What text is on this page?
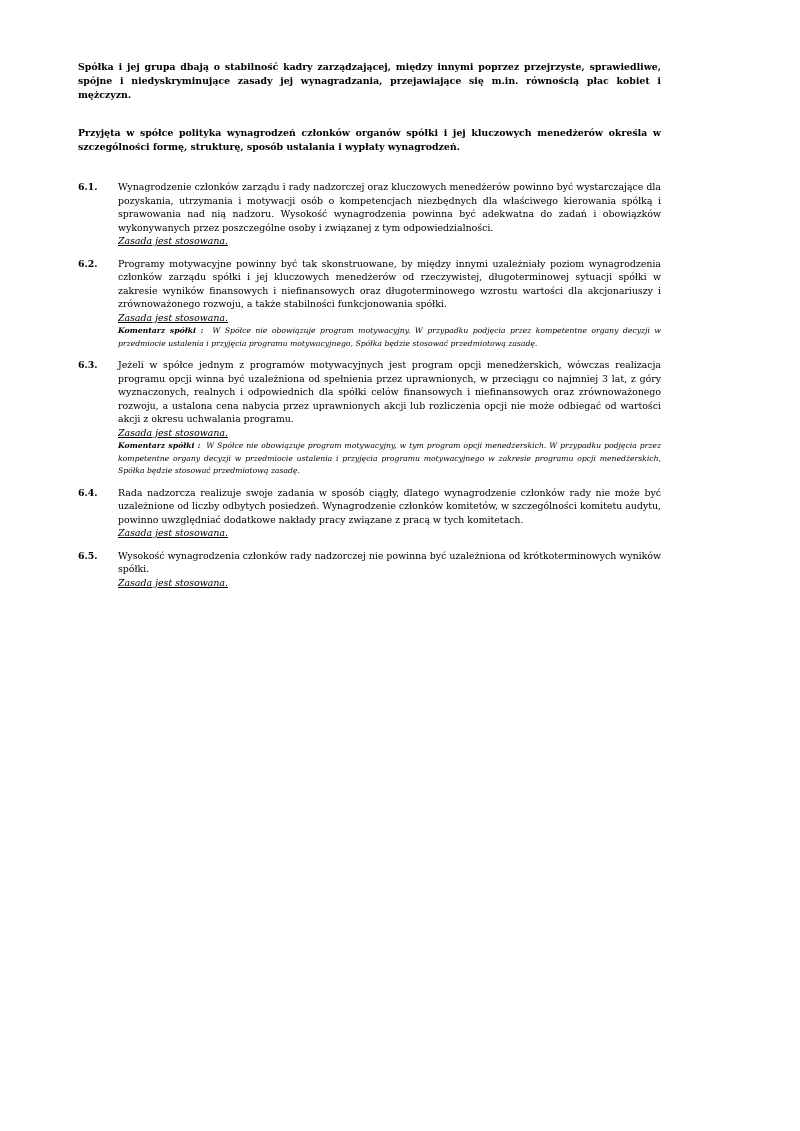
Spółka i jej grupa dbają o stabilność kadry zarządzającej, między innymi poprzez przejrzyste, sprawiedliwe, spójne i niedyskryminujące zasady jej wynagradzania, przejawiające się m.in. równością płac kobiet i mężczyzn.

Przyjęta w spółce polityka wynagrodzeń członków organów spółki i jej kluczowych menedżerów określa w szczególności formę, strukturę, sposób ustalania i wypłaty wynagrodzeń.

6.1.	Wynagrodzenie członków zarządu i rady nadzorczej oraz kluczowych menedżerów powinno być wystarczające dla pozyskania, utrzymania i motywacji osób o kompetencjach niezbędnych dla właściwego kierowania spółką i sprawowania nad nią nadzoru. Wysokość wynagrodzenia powinna być adekwatna do zadań i obowiązków wykonywanych przez poszczególne osoby i związanej z tym odpowiedzialności.

Zasada jest stosowana.
6.2.	Programy motywacyjne powinny być tak skonstruowane, by między innymi uzależniały poziom wynagrodzenia członków zarządu spółki i jej kluczowych menedżerów od rzeczywistej, długoterminowej sytuacji spółki w zakresie wyników finansowych i niefinansowych oraz długoterminowego wzrostu wartości dla akcjonariuszy i zrównoważonego rozwoju, a także stabilności funkcjonowania spółki.

Zasada jest stosowana.

Komentarz spółki : W Spółce nie obowiązuje program motywacyjny. W przypadku podjęcia przez kompetentne organy decyzji w przedmiocie ustalenia i przyjęcia programu motywacyjnego, Spółka będzie stosować przedmiotową zasadę.

6.3.	Jeżeli w spółce jednym z programów motywacyjnych jest program opcji menedżerskich, wówczas realizacja programu opcji winna być uzależniona od spełnienia przez uprawnionych, w przeciągu co najmniej 3 lat, z góry wyznaczonych, realnych i odpowiednich dla spółki celów finansowych i niefinansowych oraz zrównoważonego rozwoju, a ustalona cena nabycia przez uprawnionych akcji lub rozliczenia opcji nie może odbiegać od wartości akcji z okresu uchwalania programu.

Zasada jest stosowana.

Komentarz spółki : W Spółce nie obowiązuje program motywacyjny, w tym program opcji menedżerskich. W przypadku podjęcia przez kompetentne organy decyzji w przedmiocie ustalenia i przyjęcia programu motywacyjnego w zakresie programu opcji menedżerskich, Spółka będzie stosować przedmiotową zasadę.

6.4.	Rada nadzorcza realizuje swoje zadania w sposób ciągły, dlatego wynagrodzenie członków rady nie może być uzależnione od liczby odbytych posiedzeń. Wynagrodzenie członków komitetów, w szczególności komitetu audytu, powinno uwzględniać dodatkowe nakłady pracy związane z pracą w tych komitetach.

Zasada jest stosowana.
6.5.	Wysokość wynagrodzenia członków rady nadzorczej nie powinna być uzależniona od krótkoterminowych wyników spółki.

Zasada jest stosowana.
